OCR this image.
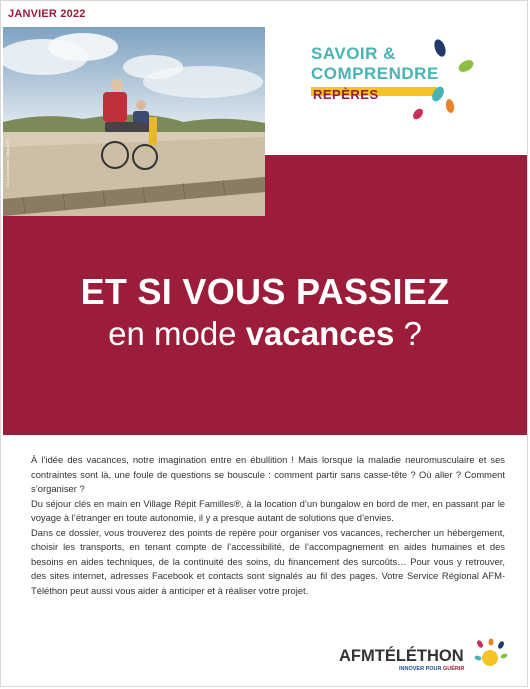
JANVIER 2022
ET SI VOUS PASSIEZ
en mode vacances ?
© Laura Bessis / Abaca / P
SAVOIR &
COMPRENDRE
REPÈRES

À l’idée des vacances, notre imagination entre en ébullition ! Mais lorsque la maladie neuromusculaire et ses contraintes sont là, une foule de questions se bouscule : comment partir sans casse-tête ? Où aller ? Comment s’organiser ?

Du séjour clés en main en Village Répit Familles®, à la location d’un bungalow en bord de mer, en passant par le voyage à l’étranger en toute autonomie, il y a presque autant de solutions que d’envies.

Dans ce dossier, vous trouverez des points de repère pour organiser vos vacances, rechercher un hébergement, choisir les transports, en tenant compte de l’accessibilité, de l’accompagnement en aides humaines et des besoins en aides techniques, de la continuité des soins, du financement des surcoûts… Pour vous y retrouver, des sites internet, adresses Facebook et contacts sont signalés au fil des pages. Votre Service Régional AFM-Téléthon peut aussi vous aider à anticiper et à réaliser votre projet.

AFMTÉLÉTHON
INNOVER POUR GUÉRIR
